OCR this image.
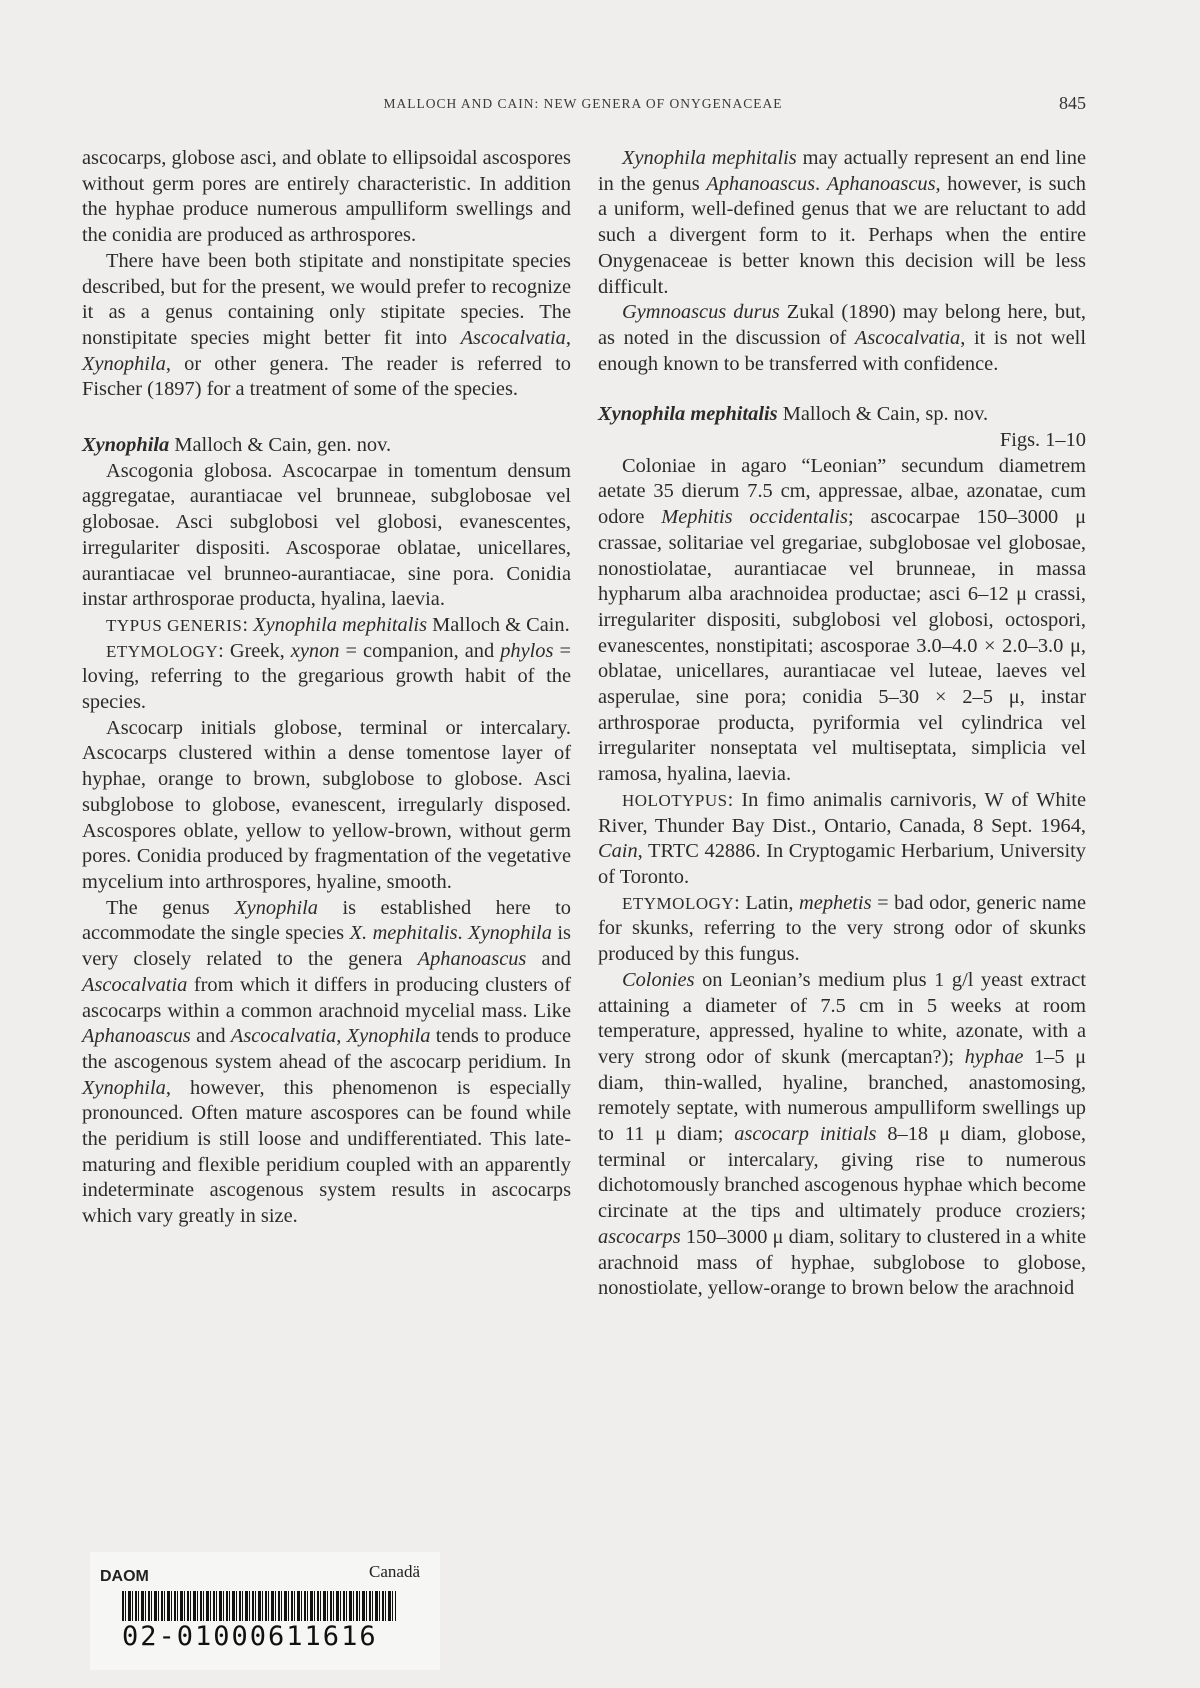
MALLOCH AND CAIN: NEW GENERA OF ONYGENACEAE	845

ascocarps, globose asci, and oblate to ellipsoidal ascospores without germ pores are entirely characteristic. In addition the hyphae produce numerous ampulliform swellings and the conidia are produced as arthrospores.

There have been both stipitate and nonstipitate species described, but for the present, we would prefer to recognize it as a genus containing only stipitate species. The nonstipitate species might better fit into Ascocalvatia, Xynophila, or other genera. The reader is referred to Fischer (1897) for a treatment of some of the species.

Xynophila Malloch & Cain, gen. nov.

Ascogonia globosa. Ascocarpae in tomentum densum aggregatae, aurantiacae vel brunneae, subglobosae vel globosae. Asci subglobosi vel globosi, evanescentes, irregulariter dispositi. Ascosporae oblatae, unicellares, aurantiacae vel brunneo-aurantiacae, sine pora. Conidia instar arthrosporae producta, hyalina, laevia.

TYPUS GENERIS: Xynophila mephitalis Malloch & Cain.

ETYMOLOGY: Greek, xynon = companion, and phylos = loving, referring to the gregarious growth habit of the species.

Ascocarp initials globose, terminal or intercalary. Ascocarps clustered within a dense tomentose layer of hyphae, orange to brown, subglobose to globose. Asci subglobose to globose, evanescent, irregularly disposed. Ascospores oblate, yellow to yellow-brown, without germ pores. Conidia produced by fragmentation of the vegetative mycelium into arthrospores, hyaline, smooth.

The genus Xynophila is established here to accommodate the single species X. mephitalis. Xynophila is very closely related to the genera Aphanoascus and Ascocalvatia from which it differs in producing clusters of ascocarps within a common arachnoid mycelial mass. Like Aphanoascus and Ascocalvatia, Xynophila tends to produce the ascogenous system ahead of the ascocarp peridium. In Xynophila, however, this phenomenon is especially pronounced. Often mature ascospores can be found while the peridium is still loose and undifferentiated. This late-maturing and flexible peridium coupled with an apparently indeterminate ascogenous system results in ascocarps which vary greatly in size.

Xynophila mephitalis may actually represent an end line in the genus Aphanoascus. Aphanoascus, however, is such a uniform, well-defined genus that we are reluctant to add such a divergent form to it. Perhaps when the entire Onygenaceae is better known this decision will be less difficult.

Gymnoascus durus Zukal (1890) may belong here, but, as noted in the discussion of Ascocalvatia, it is not well enough known to be transferred with confidence.

Xynophila mephitalis Malloch & Cain, sp. nov.
Figs. 1–10

Coloniae in agaro “Leonian” secundum diametrem aetate 35 dierum 7.5 cm, appressae, albae, azonatae, cum odore Mephitis occidentalis; ascocarpae 150–3000 μ crassae, solitariae vel gregariae, subglobosae vel globosae, nonostiolatae, aurantiacae vel brunneae, in massa hypharum alba arachnoidea productae; asci 6–12 μ crassi, irregulariter dispositi, subglobosi vel globosi, octospori, evanescentes, nonstipitati; ascosporae 3.0–4.0 × 2.0–3.0 μ, oblatae, unicellares, aurantiacae vel luteae, laeves vel asperulae, sine pora; conidia 5–30 × 2–5 μ, instar arthrosporae producta, pyriformia vel cylindrica vel irregulariter nonseptata vel multiseptata, simplicia vel ramosa, hyalina, laevia.

HOLOTYPUS: In fimo animalis carnivoris, W of White River, Thunder Bay Dist., Ontario, Canada, 8 Sept. 1964, Cain, TRTC 42886. In Cryptogamic Herbarium, University of Toronto.

ETYMOLOGY: Latin, mephetis = bad odor, generic name for skunks, referring to the very strong odor of skunks produced by this fungus.

Colonies on Leonian’s medium plus 1 g/l yeast extract attaining a diameter of 7.5 cm in 5 weeks at room temperature, appressed, hyaline to white, azonate, with a very strong odor of skunk (mercaptan?); hyphae 1–5 μ diam, thin-walled, hyaline, branched, anastomosing, remotely septate, with numerous ampulliform swellings up to 11 μ diam; ascocarp initials 8–18 μ diam, globose, terminal or intercalary, giving rise to numerous dichotomously branched ascogenous hyphae which become circinate at the tips and ultimately produce croziers; ascocarps 150–3000 μ diam, solitary to clustered in a white arachnoid mass of hyphae, subglobose to globose, nonostiolate, yellow-orange to brown below the arachnoid

DAOM	Canadä
02-01000611616
